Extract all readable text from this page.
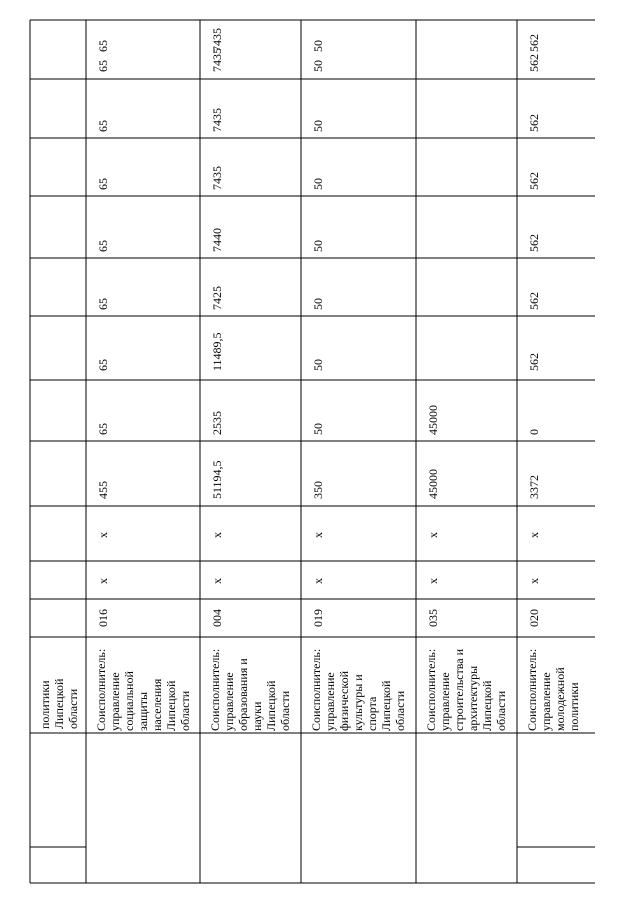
политики
Липецкой
области Соисполнитель:
управление
социальной
защиты
населения
Липецкой
области
016
x
x
455
65
65
65
65
65
65
65
65
Соисполнитель:
управление
образования и
науки
Липецкой
области
004
x
x
51194,5
2535
11489,5
7425
7440
7435
7435
7435
7435
Соисполнитель:
управление
физической
культуры и
спорта
Липецкой
области
019
x
x
350
50
50
50
50
50
50
50
50
Соисполнитель:
управление
строительства и
архитектуры
Липецкой
области
035
x
x
45000
45000
Соисполнитель:
управление
молодежной
политики
020
x
x
3372
0
562
562
562
562
562
562
562
